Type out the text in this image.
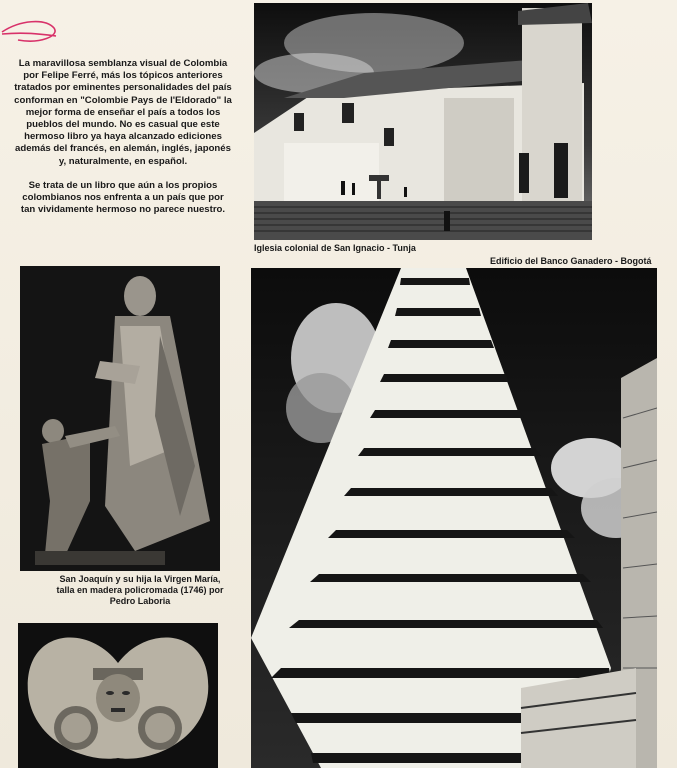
La maravillosa semblanza visual de Colombia por Felipe Ferré, más los tópicos anteriores tratados por eminentes personalidades del país conforman en "Colombie Pays de l'Eldorado" la mejor forma de enseñar el país a todos los pueblos del mundo. No es casual que este hermoso libro ya haya alcanzado ediciones además del francés, en alemán, inglés, japonés y, naturalmente, en español.

Se trata de un libro que aún a los propios colombianos nos enfrenta a un país que por tan vividamente hermoso no parece nuestro.

Iglesia colonial de San Ignacio - Tunja
Edificio del Banco Ganadero - Bogotá
San Joaquín y su hija la Virgen María,
talla en madera policromada (1746) por
Pedro Laboria
